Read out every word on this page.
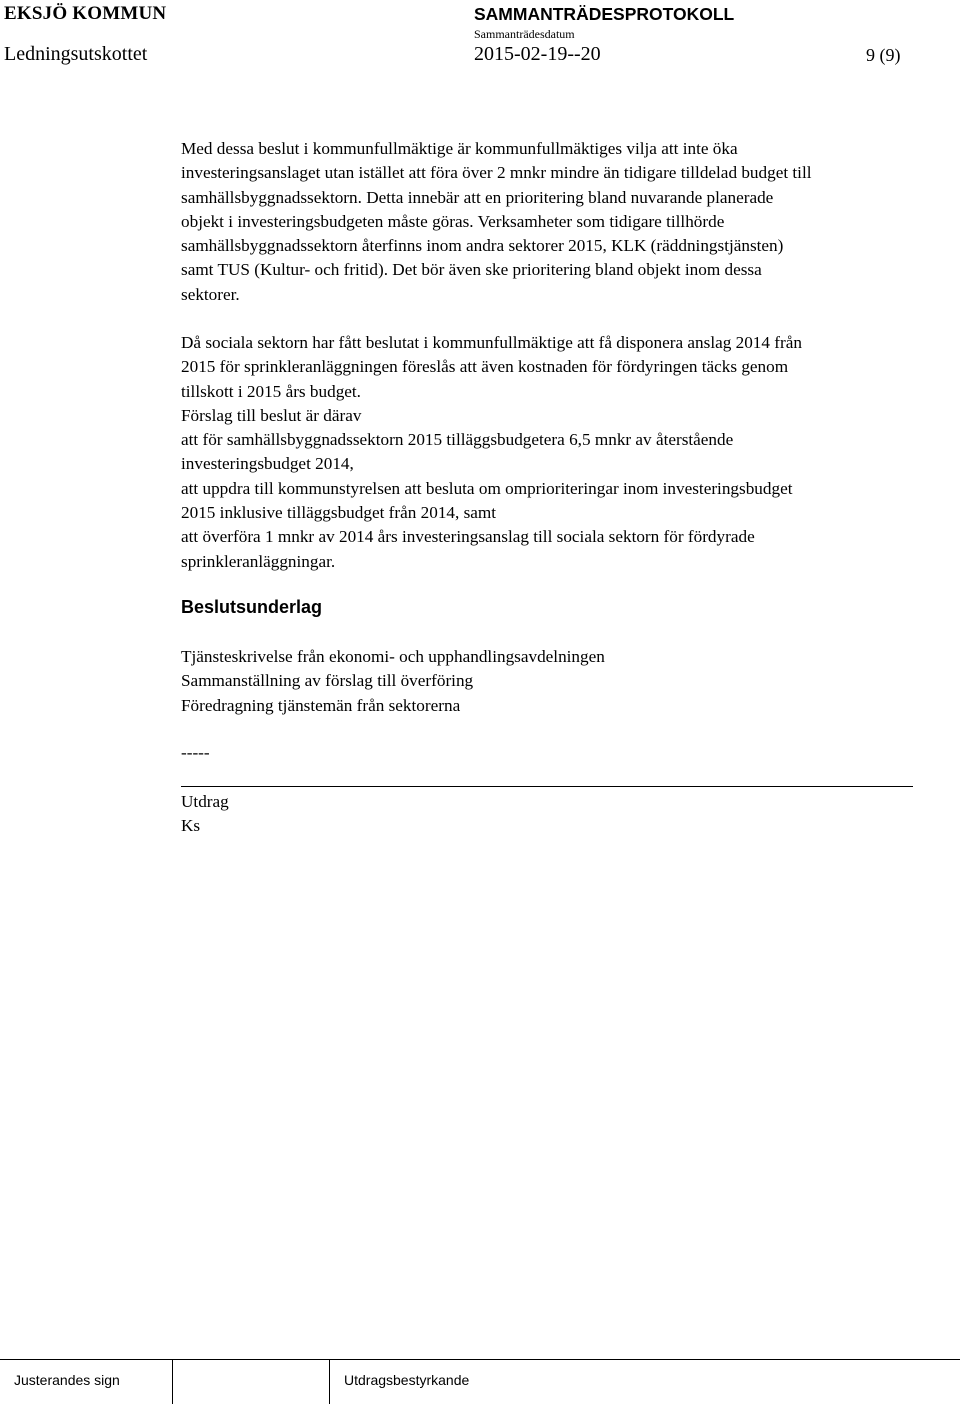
EKSJÖ KOMMUN	SAMMANTRÄDESPROTOKOLL
Sammanträdesdatum
Ledningsutskottet	2015-02-19--20	9 (9)
Med dessa beslut i kommunfullmäktige är kommunfullmäktiges vilja att inte öka
investeringsanslaget utan istället att föra över 2 mnkr mindre än tidigare tilldelad budget till
samhällsbyggnadssektorn. Detta innebär att en prioritering bland nuvarande planerade
objekt i investeringsbudgeten måste göras. Verksamheter som tidigare tillhörde
samhällsbyggnadssektorn återfinns inom andra sektorer 2015, KLK (räddningstjänsten)
samt TUS (Kultur- och fritid). Det bör även ske prioritering bland objekt inom dessa
sektorer.
Då sociala sektorn har fått beslutat i kommunfullmäktige att få disponera anslag 2014 från
2015 för sprinkleranläggningen föreslås att även kostnaden för fördyringen täcks genom
tillskott i 2015 års budget.
Förslag till beslut är därav
att för samhällsbyggnadssektorn 2015 tilläggsbudgetera 6,5 mnkr av återstående
investeringsbudget 2014,
att uppdra till kommunstyrelsen att besluta om omprioriteringar inom investeringsbudget
2015 inklusive tilläggsbudget från 2014, samt
att överföra 1 mnkr av 2014 års investeringsanslag till sociala sektorn för fördyrade
sprinkleranläggningar.
Beslutsunderlag
Tjänsteskrivelse från ekonomi- och upphandlingsavdelningen
Sammanställning av förslag till överföring
Föredragning tjänstemän från sektorerna
-----
Utdrag
Ks
Justerandes sign	Utdragsbestyrkande
